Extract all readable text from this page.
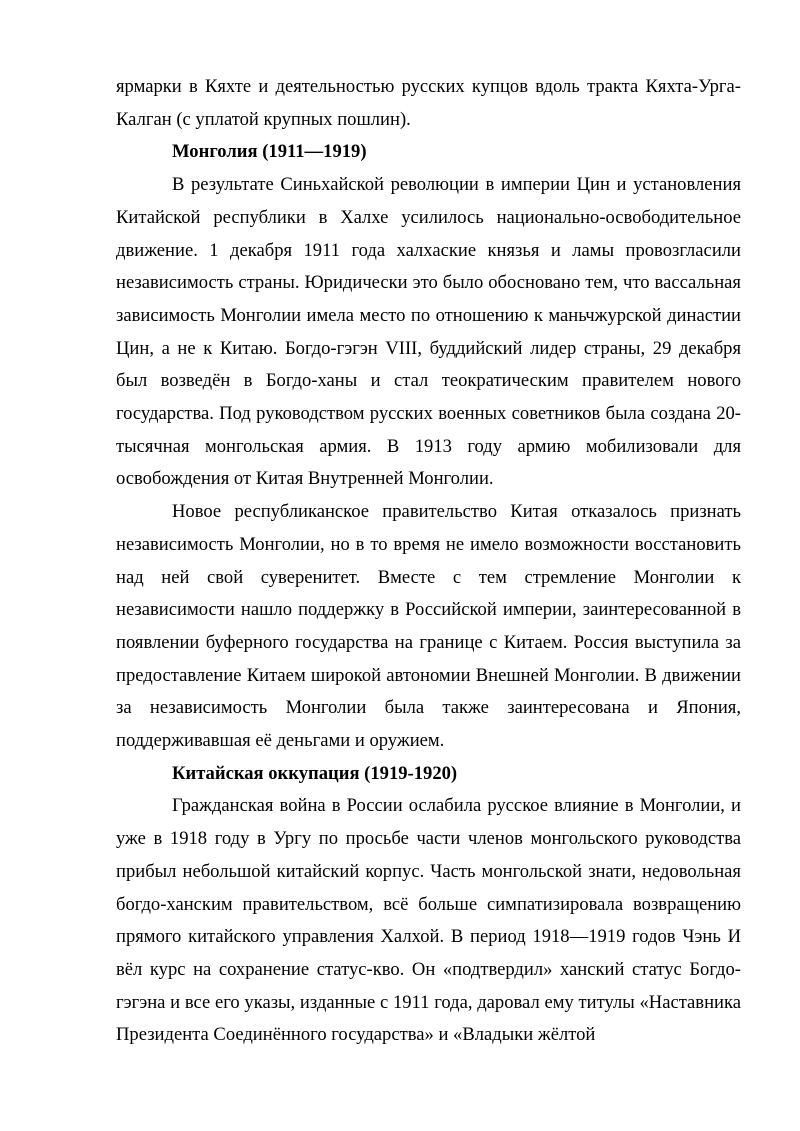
ярмарки в Кяхте и деятельностью русских купцов вдоль тракта Кяхта-Урга-Калган (с уплатой крупных пошлин).

Монголия (1911—1919)

В результате Синьхайской революции в империи Цин и установления Китайской республики в Халхе усилилось национально-освободительное движение. 1 декабря 1911 года халхаские князья и ламы провозгласили независимость страны. Юридически это было обосновано тем, что вассальная зависимость Монголии имела место по отношению к маньчжурской династии Цин, а не к Китаю. Богдо-гэгэн VIII, буддийский лидер страны, 29 декабря был возведён в Богдо-ханы и стал теократическим правителем нового государства. Под руководством русских военных советников была создана 20-тысячная монгольская армия. В 1913 году армию мобилизовали для освобождения от Китая Внутренней Монголии.

Новое республиканское правительство Китая отказалось признать независимость Монголии, но в то время не имело возможности восстановить над ней свой суверенитет. Вместе с тем стремление Монголии к независимости нашло поддержку в Российской империи, заинтересованной в появлении буферного государства на границе с Китаем. Россия выступила за предоставление Китаем широкой автономии Внешней Монголии. В движении за независимость Монголии была также заинтересована и Япония, поддерживавшая её деньгами и оружием.

Китайская оккупация (1919-1920)

Гражданская война в России ослабила русское влияние в Монголии, и уже в 1918 году в Ургу по просьбе части членов монгольского руководства прибыл небольшой китайский корпус. Часть монгольской знати, недовольная богдо-ханским правительством, всё больше симпатизировала возвращению прямого китайского управления Халхой. В период 1918—1919 годов Чэнь И вёл курс на сохранение статус-кво. Он «подтвердил» ханский статус Богдо-гэгэна и все его указы, изданные с 1911 года, даровал ему титулы «Наставника Президента Соединённого государства» и «Владыки жёлтой
